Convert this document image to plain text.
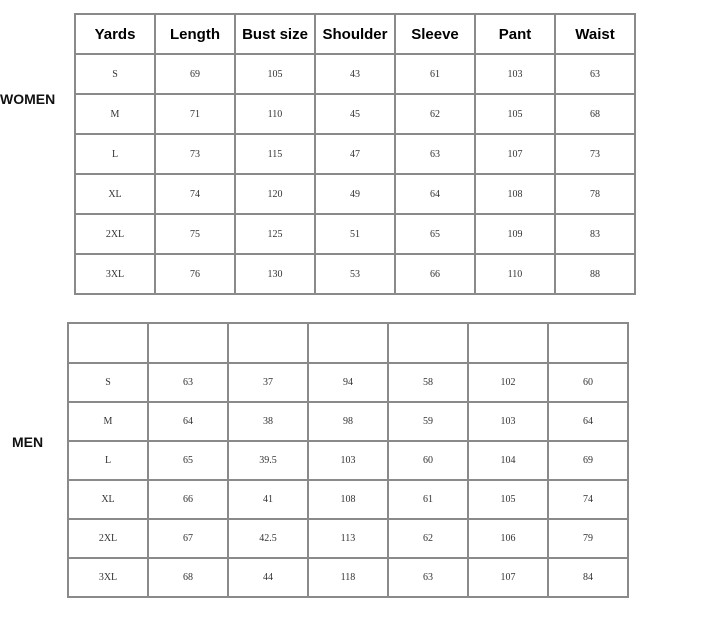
WOMEN
Yards	Length	Bust size	Shoulder	Sleeve	Pant	Waist
S	69	105	43	61	103	63
M	71	110	45	62	105	68
L	73	115	47	63	107	73
XL	74	120	49	64	108	78
2XL	75	125	51	65	109	83
3XL	76	130	53	66	110	88
MEN

S	63	37	94	58	102	60
M	64	38	98	59	103	64
L	65	39.5	103	60	104	69
XL	66	41	108	61	105	74
2XL	67	42.5	113	62	106	79
3XL	68	44	118	63	107	84
